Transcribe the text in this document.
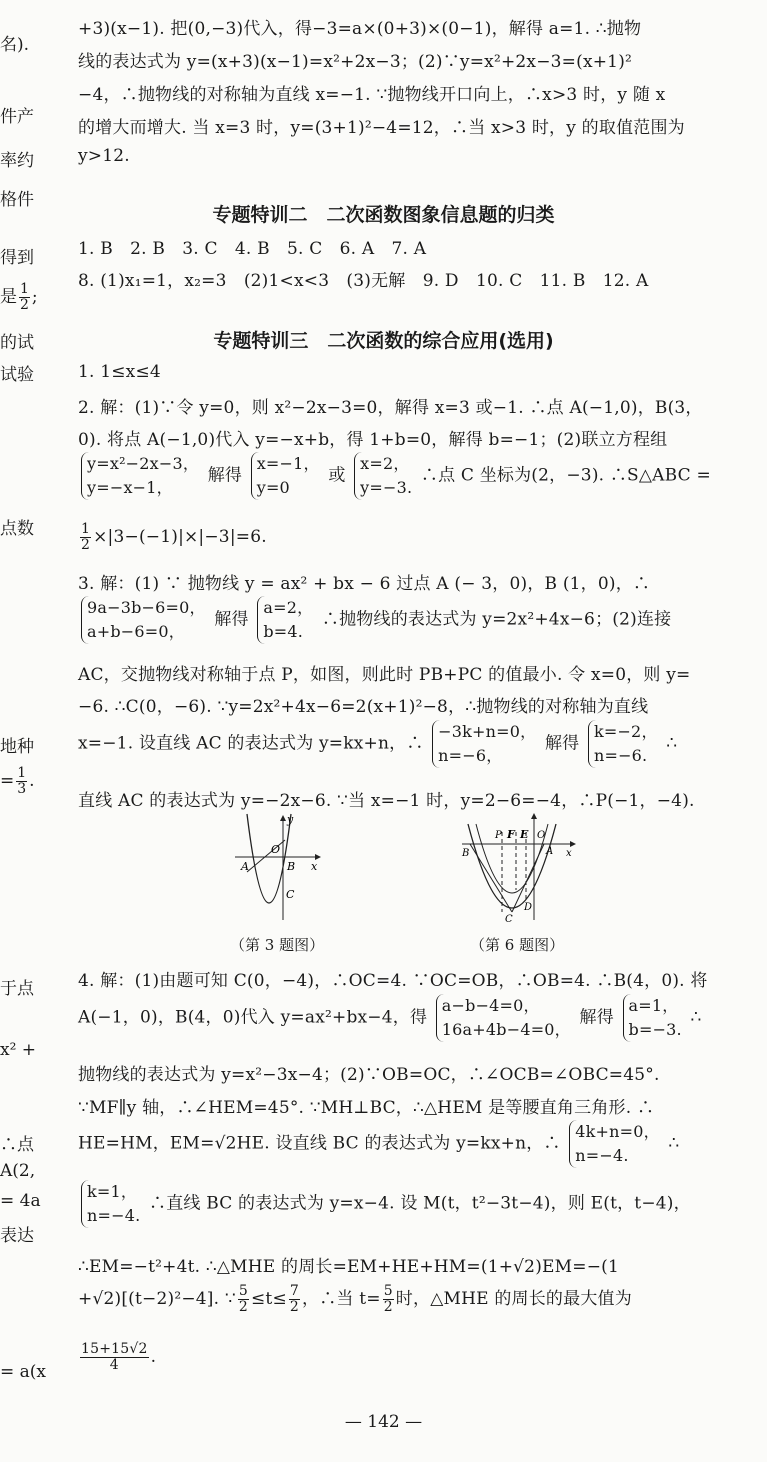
名).
件产
率约
格件
得到
是 $\frac{1}{2}$ ;
的试
试验
点数
地种
= $\frac{1}{3}$ .
于点
x² +
∴点
A(2,
= 4a
表达
= a(x
+3)(x−1). 把(0,−3)代入，得−3=a×(0+3)×(0−1)，解得 a=1. ∴抛物
线的表达式为 y=(x+3)(x−1)=x²+2x−3；(2)∵y=x²+2x−3=(x+1)²
−4，∴抛物线的对称轴为直线 x=−1. ∵抛物线开口向上，∴x>3 时，y 随 x
的增大而增大. 当 x=3 时，y=(3+1)²−4=12，∴当 x>3 时，y 的取值范围为
y>12.
专题特训二　二次函数图象信息题的归类
1. B　2. B　3. C　4. B　5. C　6. A　7. A
8. (1)x₁=1，x₂=3　(2)1<x<3　(3)无解　9. D　10. C　11. B　12. A
专题特训三　二次函数的综合应用(选用)
1. 1≤x≤4
2. 解：(1)∵令 y=0，则 x²−2x−3=0，解得 x=3 或−1. ∴点 A(−1,0)，B(3，
0). 将点 A(−1,0)代入 y=−x+b，得 1+b=0，解得 b=−1；(2)联立方程组
y=x²−2x−3，
y=−x−1，
解得
x=−1，
y=0
或
x=2，
y=−3.
∴点 C 坐标为(2，−3). ∴S△ABC =
$\frac{1}{2} \times|3-(-1)|\times|-3|=6$.
3. 解：(1) ∵ 抛物线 y = ax² + bx − 6 过点 A (− 3，0)，B (1，0)，∴
9a−3b−6=0，
a+b−6=0，
解得
a=2，
b=4.
∴抛物线的表达式为 y=2x²+4x−6；(2)连接
AC，交抛物线对称轴于点 P，如图，则此时 PB+PC 的值最小. 令 x=0，则 y=
−6. ∴C(0，−6). ∵y=2x²+4x−6=2(x+1)²−8，∴抛物线的对称轴为直线
x=−1. 设直线 AC 的表达式为 y=kx+n，∴
−3k+n=0，
n=−6，
解得
k=−2，
n=−6.
∴
直线 AC 的表达式为 y=−2x−6. ∵当 x=−1 时，y=2−6=−4，∴P(−1，−4).
y
x
O
A	B
C
（第 3 题图）
P F E O
A
B
C
D
x
（第 6 题图）
4. 解：(1)由题可知 C(0，−4)，∴OC=4. ∵OC=OB，∴OB=4. ∴B(4，0). 将
A(−1，0)，B(4，0)代入 y=ax²+bx−4，得
a−b−4=0，
16a+4b−4=0，
解得
a=1，
b=−3.
∴
抛物线的表达式为 y=x²−3x−4；(2)∵OB=OC，∴∠OCB=∠OBC=45°.
∵MF∥y 轴，∴∠HEM=45°. ∵MH⊥BC，∴△HEM 是等腰直角三角形. ∴
HE=HM，EM=√2HE. 设直线 BC 的表达式为 y=kx+n，∴
4k+n=0，
n=−4.
∴
k=1，
n=−4.
∴直线 BC 的表达式为 y=x−4. 设 M(t，t²−3t−4)，则 E(t，t−4)，
∴EM=−t²+4t. ∴△MHE 的周长=EM+HE+HM=(1+√2)EM=−(1
+√2)[(t−2)²−4]. ∵ $\frac{5}{2} \le t\le \frac{7}{2}$ ，∴当 $t= \frac{5}{2}$ 时，△MHE 的周长的最大值为
$\frac{15+15√2}{4}$ .
— 142 —
